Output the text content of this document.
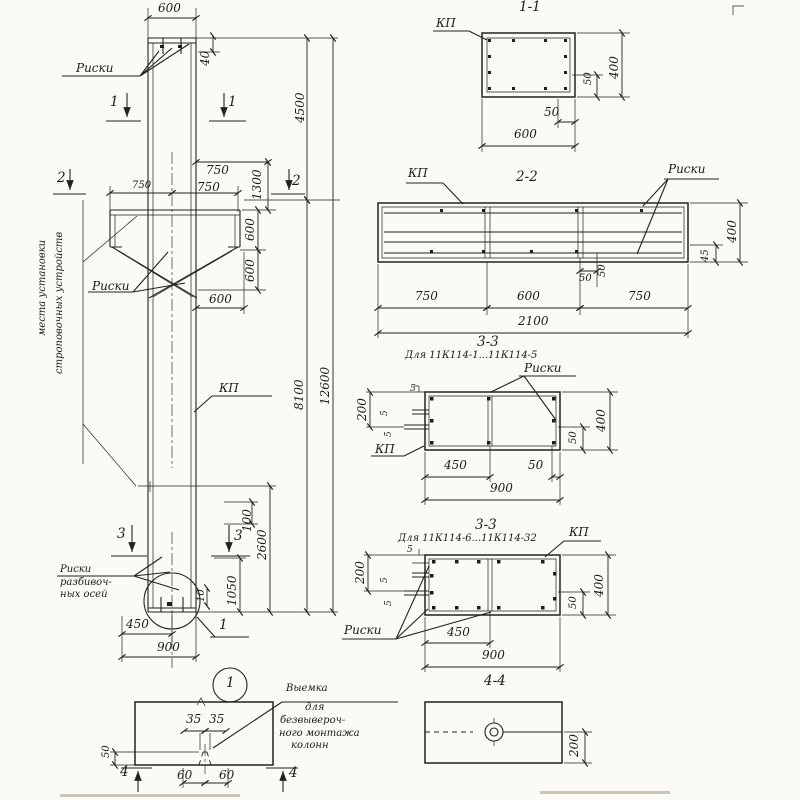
600
Риски
40
1	1	4500
2	2
750
750	750	1300
600
600
600
Риски
места установки строповочных устройств
КП	8100 12600
3	3
100
2600
1050
10
Риски
разбивоч-
ных осей
450
900
1
1
35 35
50
60 60
4	4
Выемка
для
безвывероч-
ного монтажа
колонн
1-1
КП
400
50
50
600
2-2
КП	Риски
400
45
50
50
750	600	750
2100
3-3
Для 11К114-1...11К114-5
Риски
200 5
5
5
КП
400
50
450	50
900
3-3
Для 11К114-6...11К114-32	КП
200 5
5
5
Риски
400
50
450
900
4-4
200
